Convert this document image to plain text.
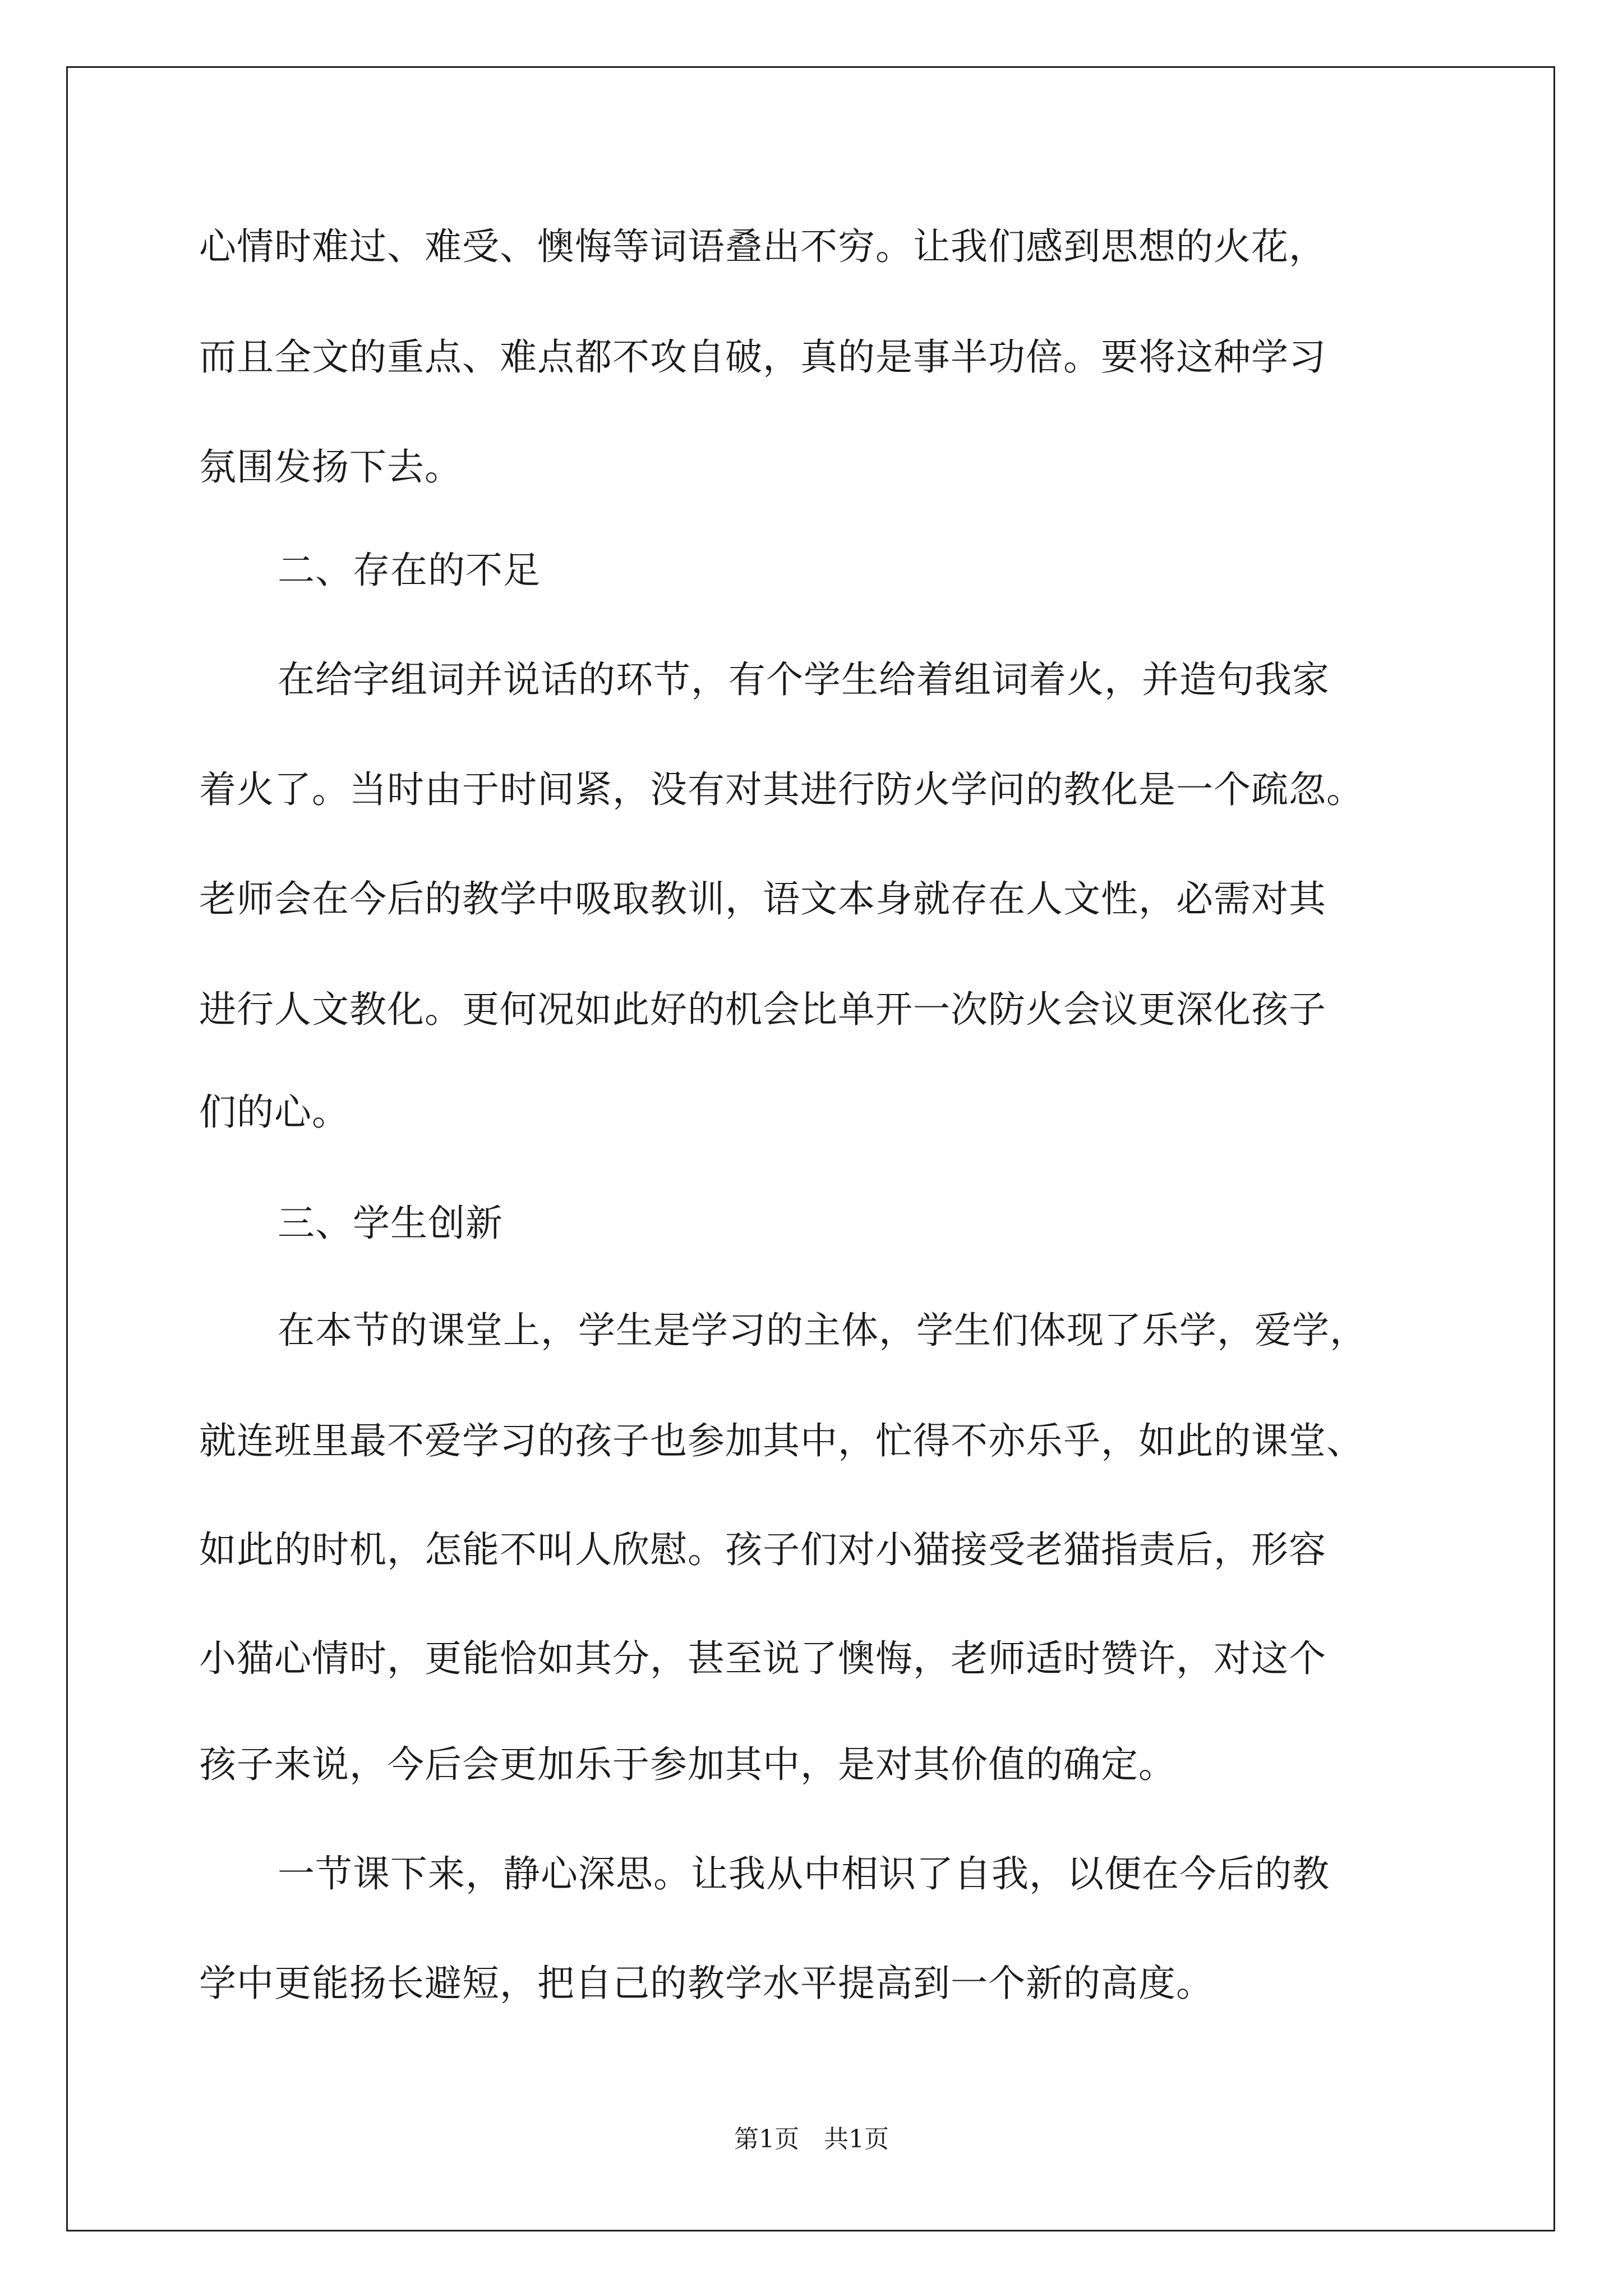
心情时难过、难受、懊悔等词语叠出不穷。让我们感到思想的火花，
而且全文的重点、难点都不攻自破，真的是事半功倍。要将这种学习
氛围发扬下去。
二、存在的不足
在给字组词并说话的环节，有个学生给着组词着火，并造句我家
着火了。当时由于时间紧，没有对其进行防火学问的教化是一个疏忽。
老师会在今后的教学中吸取教训，语文本身就存在人文性，必需对其
进行人文教化。更何况如此好的机会比单开一次防火会议更深化孩子
们的心。
三、学生创新
在本节的课堂上，学生是学习的主体，学生们体现了乐学，爱学，
就连班里最不爱学习的孩子也参加其中，忙得不亦乐乎，如此的课堂、
如此的时机，怎能不叫人欣慰。孩子们对小猫接受老猫指责后，形容
小猫心情时，更能恰如其分，甚至说了懊悔，老师适时赞许，对这个
孩子来说，今后会更加乐于参加其中，是对其价值的确定。
一节课下来，静心深思。让我从中相识了自我，以便在今后的教
学中更能扬长避短，把自己的教学水平提高到一个新的高度。
第1页　共1页
